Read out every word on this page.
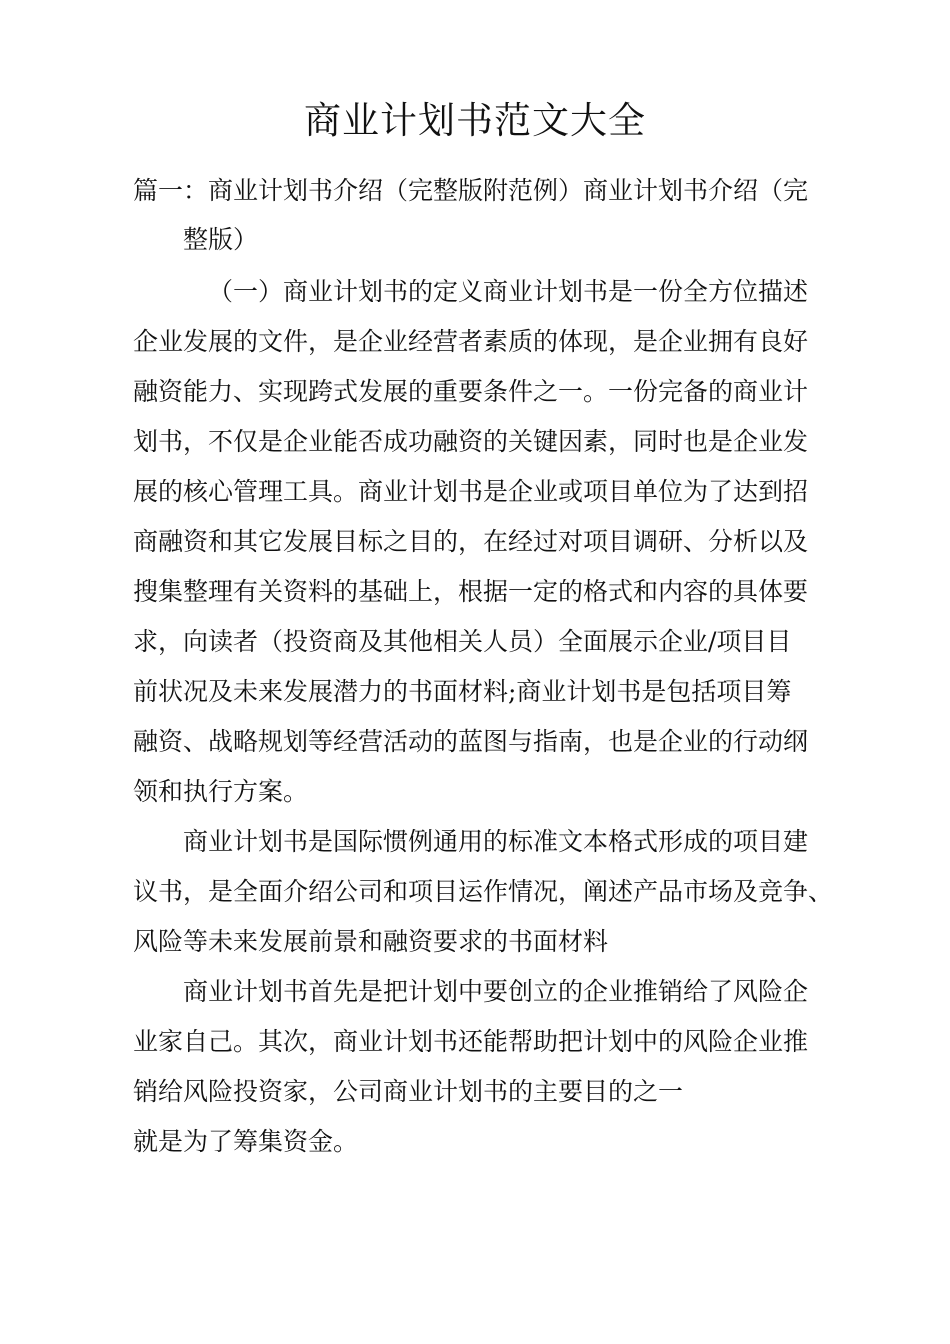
商业计划书范文大全
篇一：商业计划书介绍（完整版附范例）商业计划书介绍（完
整版）
（一）商业计划书的定义商业计划书是一份全方位描述
企业发展的文件，是企业经营者素质的体现，是企业拥有良好
融资能力、实现跨式发展的重要条件之一。一份完备的商业计
划书，不仅是企业能否成功融资的关键因素，同时也是企业发
展的核心管理工具。商业计划书是企业或项目单位为了达到招
商融资和其它发展目标之目的，在经过对项目调研、分析以及
搜集整理有关资料的基础上，根据一定的格式和内容的具体要
求，向读者（投资商及其他相关人员）全面展示企业/项目目
前状况及未来发展潜力的书面材料;商业计划书是包括项目筹
融资、战略规划等经营活动的蓝图与指南，也是企业的行动纲
领和执行方案。
商业计划书是国际惯例通用的标准文本格式形成的项目建
议书，是全面介绍公司和项目运作情况，阐述产品市场及竞争、
风险等未来发展前景和融资要求的书面材料
商业计划书首先是把计划中要创立的企业推销给了风险企
业家自己。其次，商业计划书还能帮助把计划中的风险企业推
销给风险投资家，公司商业计划书的主要目的之一
就是为了筹集资金。
